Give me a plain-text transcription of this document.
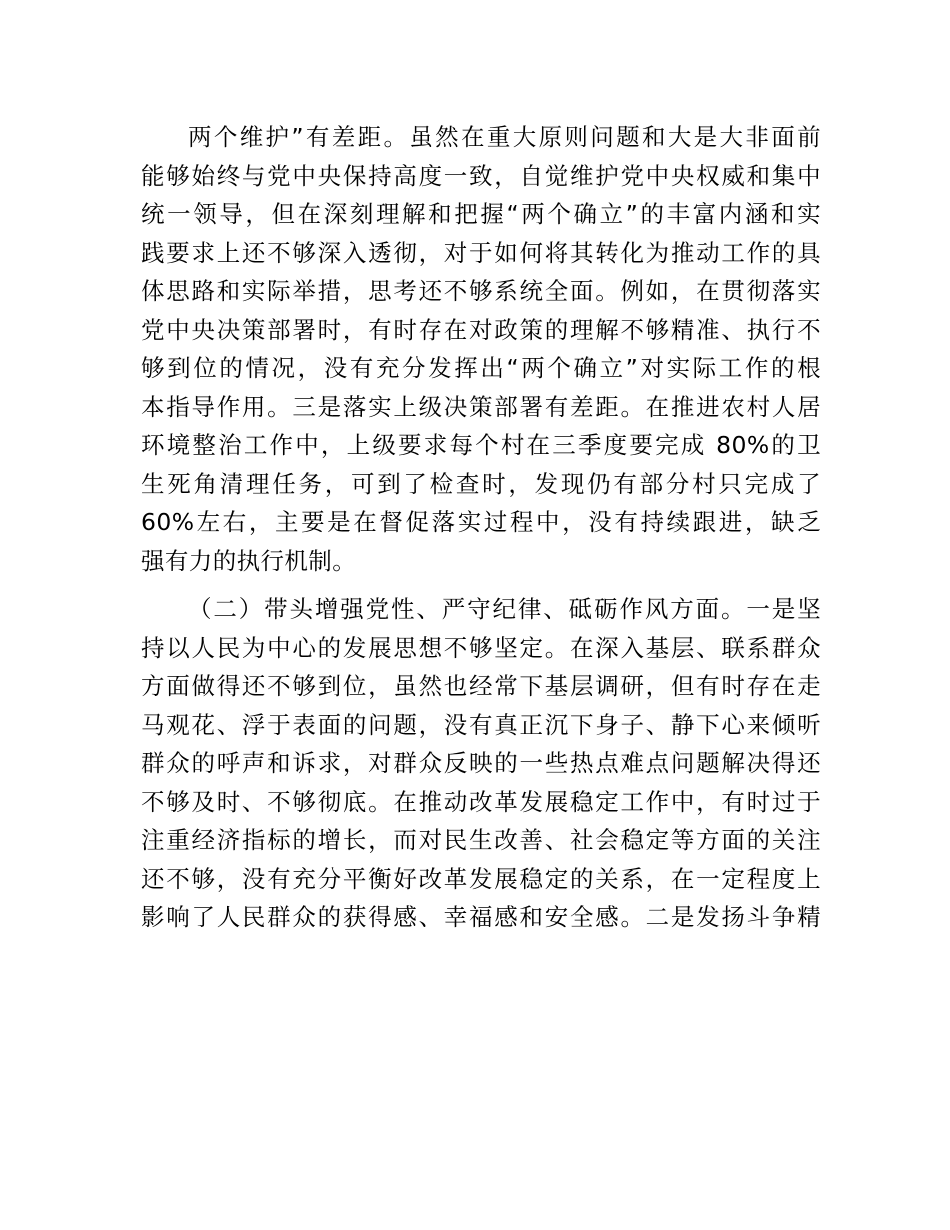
两个维护”有差距。虽然在重大原则问题和大是大非面前
能够始终与党中央保持高度一致，自觉维护党中央权威和集中
统一领导，但在深刻理解和把握“两个确立”的丰富内涵和实
践要求上还不够深入透彻，对于如何将其转化为推动工作的具
体思路和实际举措，思考还不够系统全面。例如，在贯彻落实
党中央决策部署时，有时存在对政策的理解不够精准、执行不
够到位的情况，没有充分发挥出“两个确立”对实际工作的根
本指导作用。三是落实上级决策部署有差距。在推进农村人居
环境整治工作中，上级要求每个村在三季度要完成 80%的卫
生死角清理任务，可到了检查时，发现仍有部分村只完成了
60%左右，主要是在督促落实过程中，没有持续跟进，缺乏
强有力的执行机制。
（二）带头增强党性、严守纪律、砥砺作风方面。一是坚
持以人民为中心的发展思想不够坚定。在深入基层、联系群众
方面做得还不够到位，虽然也经常下基层调研，但有时存在走
马观花、浮于表面的问题，没有真正沉下身子、静下心来倾听
群众的呼声和诉求，对群众反映的一些热点难点问题解决得还
不够及时、不够彻底。在推动改革发展稳定工作中，有时过于
注重经济指标的增长，而对民生改善、社会稳定等方面的关注
还不够，没有充分平衡好改革发展稳定的关系，在一定程度上
影响了人民群众的获得感、幸福感和安全感。二是发扬斗争精
